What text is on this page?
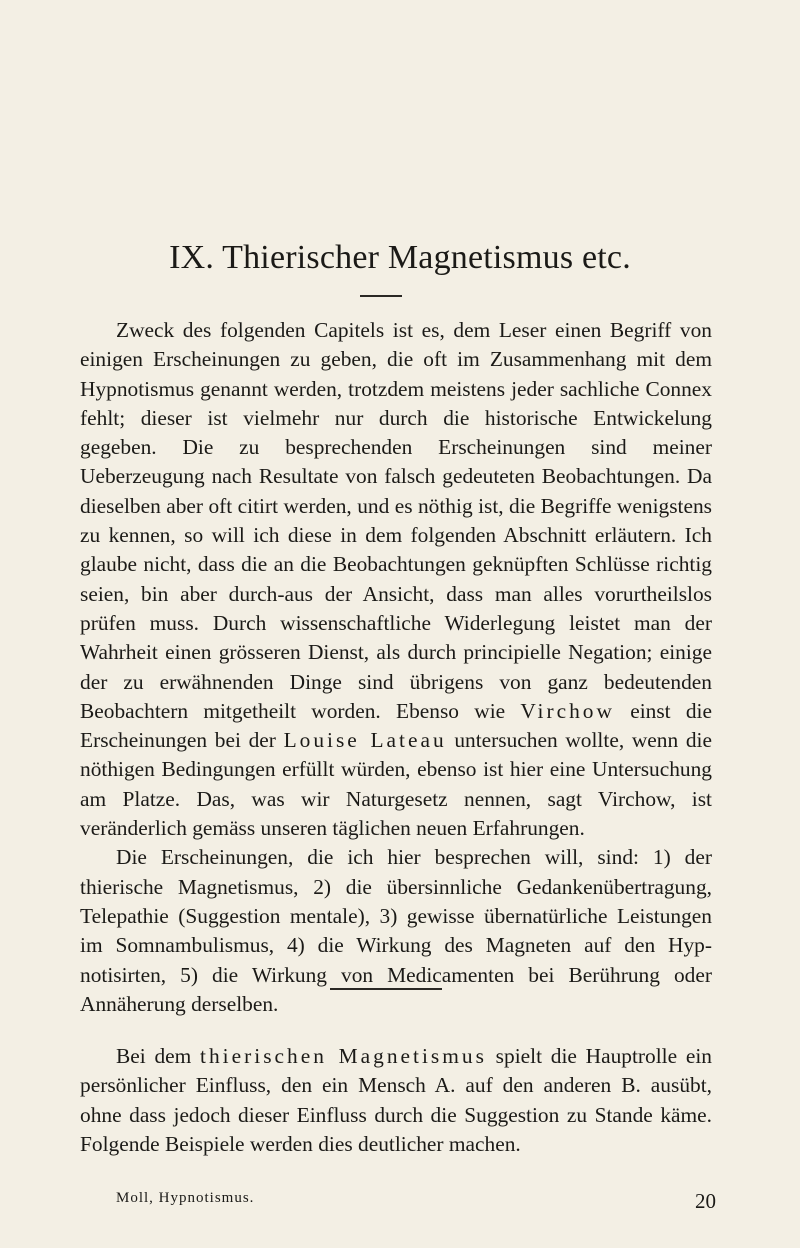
IX. Thierischer Magnetismus etc.

Zweck des folgenden Capitels ist es, dem Leser einen Begriff von einigen Erscheinungen zu geben, die oft im Zusammenhang mit dem Hypnotismus genannt werden, trotzdem meistens jeder sachliche Connex fehlt; dieser ist vielmehr nur durch die historische Entwickelung gegeben. Die zu besprechenden Erscheinungen sind meiner Ueberzeugung nach Resultate von falsch gedeuteten Beobachtungen. Da dieselben aber oft citirt werden, und es nöthig ist, die Begriffe wenigstens zu kennen, so will ich diese in dem folgenden Abschnitt erläutern. Ich glaube nicht, dass die an die Beobachtungen geknüpften Schlüsse richtig seien, bin aber durch-aus der Ansicht, dass man alles vorurtheilslos prüfen muss. Durch wissenschaftliche Widerlegung leistet man der Wahrheit einen grösseren Dienst, als durch principielle Negation; einige der zu erwähnenden Dinge sind übrigens von ganz bedeutenden Beobachtern mitgetheilt worden. Ebenso wie Virchow einst die Erscheinungen bei der Louise Lateau untersuchen wollte, wenn die nöthigen Bedingungen erfüllt würden, ebenso ist hier eine Untersuchung am Platze. Das, was wir Naturgesetz nennen, sagt Virchow, ist veränderlich gemäss unseren täglichen neuen Erfahrungen.

Die Erscheinungen, die ich hier besprechen will, sind: 1) der thierische Magnetismus, 2) die übersinnliche Gedankenübertragung, Telepathie (Suggestion mentale), 3) gewisse übernatürliche Leistungen im Somnambulismus, 4) die Wirkung des Magneten auf den Hyp-notisirten, 5) die Wirkung von Medicamenten bei Berührung oder Annäherung derselben.

Bei dem thierischen Magnetismus spielt die Hauptrolle ein persönlicher Einfluss, den ein Mensch A. auf den anderen B. ausübt, ohne dass jedoch dieser Einfluss durch die Suggestion zu Stande käme. Folgende Beispiele werden dies deutlicher machen.

Moll, Hypnotismus.	20
